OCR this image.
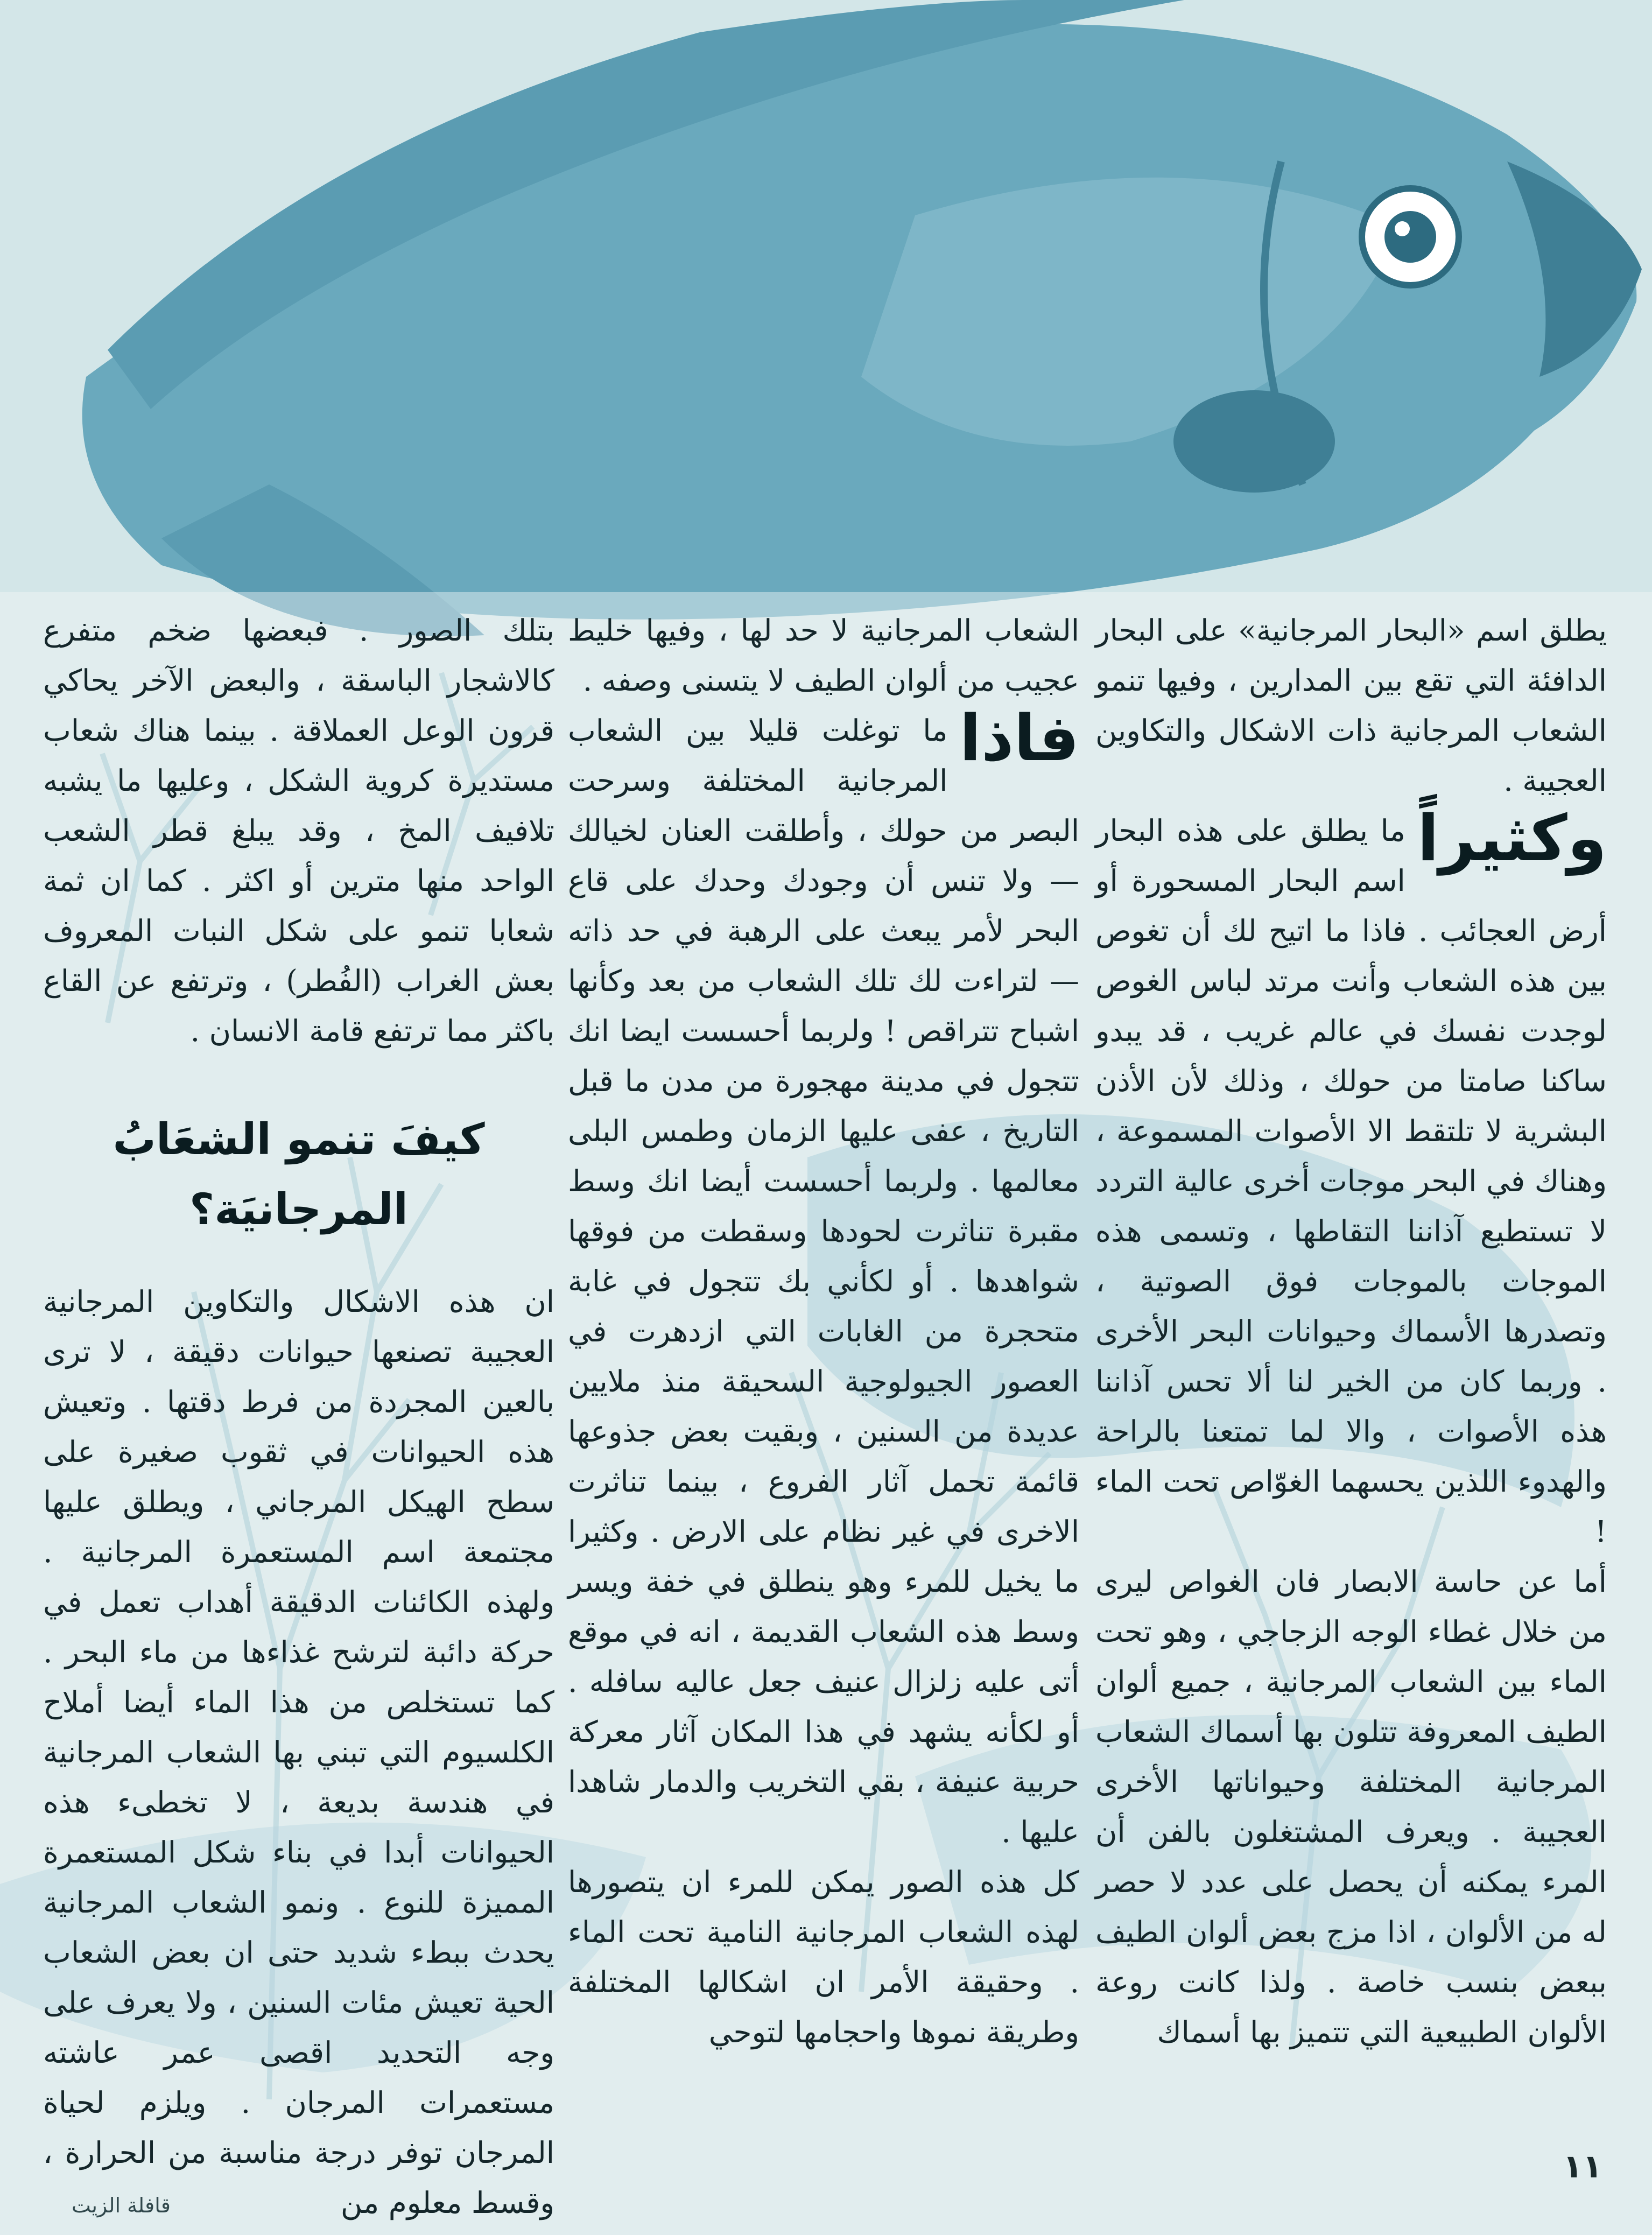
يطلق اسم «البحار المرجانية» على البحار الدافئة التي تقع بين المدارين ، وفيها تنمو الشعاب المرجانية ذات الاشكال والتكاوين العجيبة .

وكثيراً
ما يطلق على هذه البحار اسم البحار المسحورة أو أرض العجائب . فاذا ما اتيح لك أن تغوص بين هذه الشعاب وأنت مرتد لباس الغوص لوجدت نفسك في عالم غريب ، قد يبدو ساكنا صامتا من حولك ، وذلك لأن الأذن البشرية لا تلتقط الا الأصوات المسموعة ، وهناك في البحر موجات أخرى عالية التردد لا تستطيع آذاننا التقاطها ، وتسمى هذه الموجات بالموجات فوق الصوتية ، وتصدرها الأسماك وحيوانات البحر الأخرى . وربما كان من الخير لنا ألا تحس آذاننا هذه الأصوات ، والا لما تمتعنا بالراحة والهدوء اللذين يحسهما الغوّاص تحت الماء !

أما عن حاسة الابصار فان الغواص ليرى من خلال غطاء الوجه الزجاجي ، وهو تحت الماء بين الشعاب المرجانية ، جميع ألوان الطيف المعروفة تتلون بها أسماك الشعاب المرجانية المختلفة وحيواناتها الأخرى العجيبة . ويعرف المشتغلون بالفن أن المرء يمكنه أن يحصل على عدد لا حصر له من الألوان ، اذا مزج بعض ألوان الطيف ببعض بنسب خاصة . ولذا كانت روعة الألوان الطبيعية التي تتميز بها أسماك

الشعاب المرجانية لا حد لها ، وفيها خليط عجيب من ألوان الطيف لا يتسنى وصفه .

فاذا
ما توغلت قليلا بين الشعاب المرجانية المختلفة وسرحت البصر من حولك ، وأطلقت العنان لخيالك — ولا تنس أن وجودك وحدك على قاع البحر لأمر يبعث على الرهبة في حد ذاته — لتراءت لك تلك الشعاب من بعد وكأنها اشباح تتراقص ! ولربما أحسست ايضا انك تتجول في مدينة مهجورة من مدن ما قبل التاريخ ، عفى عليها الزمان وطمس البلى معالمها . ولربما أحسست أيضا انك وسط مقبرة تناثرت لحودها وسقطت من فوقها شواهدها . أو لكأني بك تتجول في غابة متحجرة من الغابات التي ازدهرت في العصور الجيولوجية السحيقة منذ ملايين عديدة من السنين ، وبقيت بعض جذوعها قائمة تحمل آثار الفروع ، بينما تناثرت الاخرى في غير نظام على الارض . وكثيرا ما يخيل للمرء وهو ينطلق في خفة ويسر وسط هذه الشعاب القديمة ، انه في موقع أتى عليه زلزال عنيف جعل عاليه سافله . أو لكأنه يشهد في هذا المكان آثار معركة حربية عنيفة ، بقي التخريب والدمار شاهدا عليها .

كل هذه الصور يمكن للمرء ان يتصورها لهذه الشعاب المرجانية النامية تحت الماء . وحقيقة الأمر ان اشكالها المختلفة وطريقة نموها واحجامها لتوحي

بتلك الصور . فبعضها ضخم متفرع كالاشجار الباسقة ، والبعض الآخر يحاكي قرون الوعل العملاقة . بينما هناك شعاب مستديرة كروية الشكل ، وعليها ما يشبه تلافيف المخ ، وقد يبلغ قطر الشعب الواحد منها مترين أو اكثر . كما ان ثمة شعابا تنمو على شكل النبات المعروف بعش الغراب (الفُطر) ، وترتفع عن القاع باكثر مما ترتفع قامة الانسان .

كيفَ تنمو الشعَابُ المرجانيَة؟

ان هذه الاشكال والتكاوين المرجانية العجيبة تصنعها حيوانات دقيقة ، لا ترى بالعين المجردة من فرط دقتها . وتعيش هذه الحيوانات في ثقوب صغيرة على سطح الهيكل المرجاني ، ويطلق عليها مجتمعة اسم المستعمرة المرجانية . ولهذه الكائنات الدقيقة أهداب تعمل في حركة دائبة لترشح غذاءها من ماء البحر . كما تستخلص من هذا الماء أيضا أملاح الكلسيوم التي تبني بها الشعاب المرجانية في هندسة بديعة ، لا تخطىء هذه الحيوانات أبدا في بناء شكل المستعمرة المميزة للنوع . ونمو الشعاب المرجانية يحدث ببطء شديد حتى ان بعض الشعاب الحية تعيش مئات السنين ، ولا يعرف على وجه التحديد اقصى عمر عاشته مستعمرات المرجان . ويلزم لحياة المرجان توفر درجة مناسبة من الحرارة ، وقسط معلوم من

١١
قافلة الزيت
